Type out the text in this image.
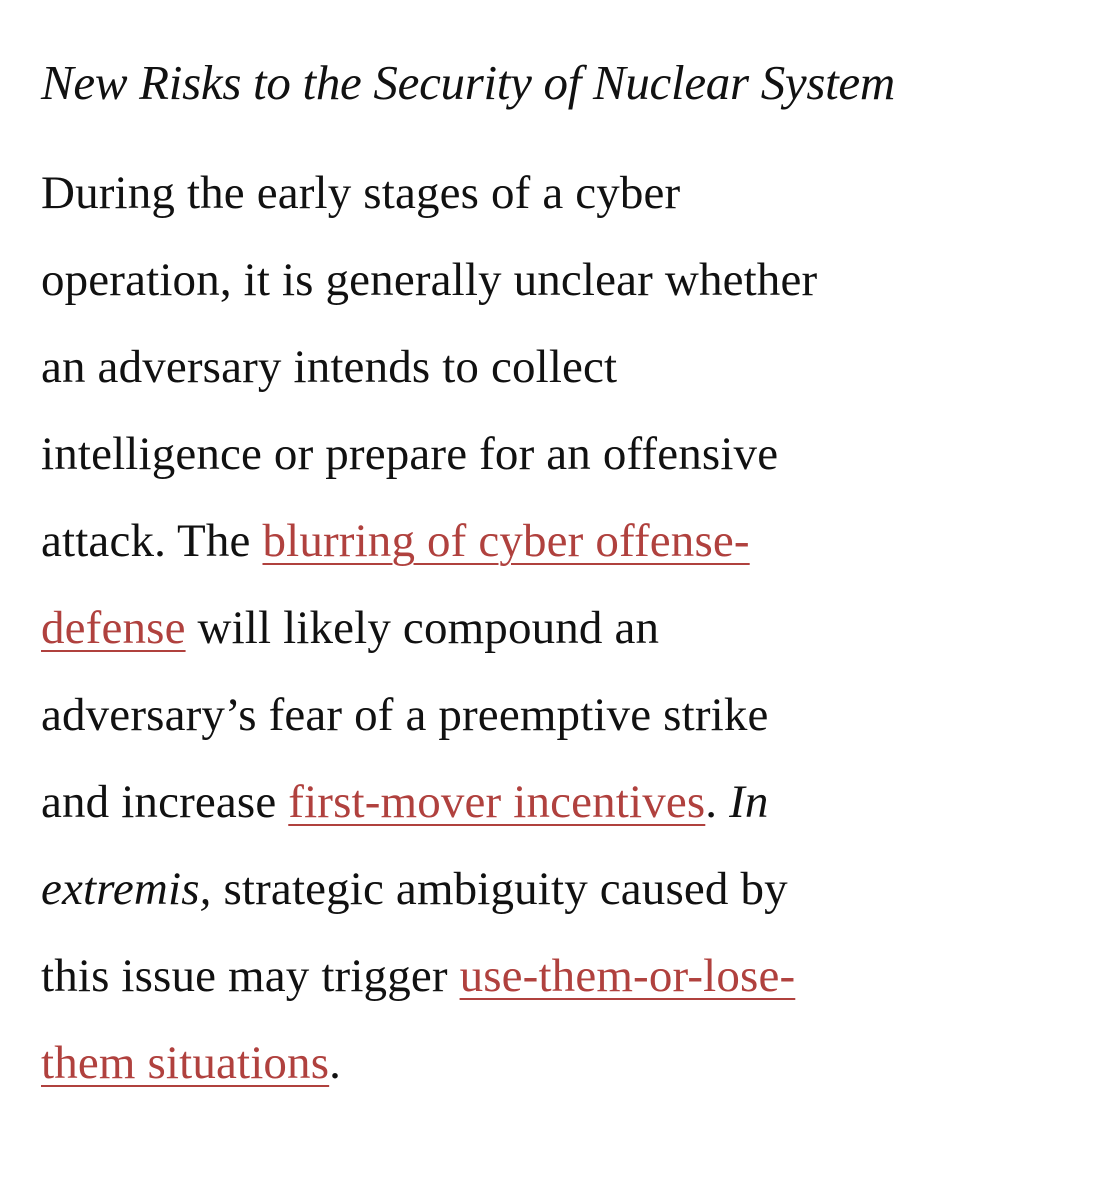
New Risks to the Security of Nuclear System

During the early stages of a cyber
operation, it is generally unclear whether
an adversary intends to collect
intelligence or prepare for an offensive
attack. The blurring of cyber offense-
defense will likely compound an
adversary’s fear of a preemptive strike
and increase first-mover incentives. In
extremis, strategic ambiguity caused by
this issue may trigger use-them-or-lose-
them situations.
